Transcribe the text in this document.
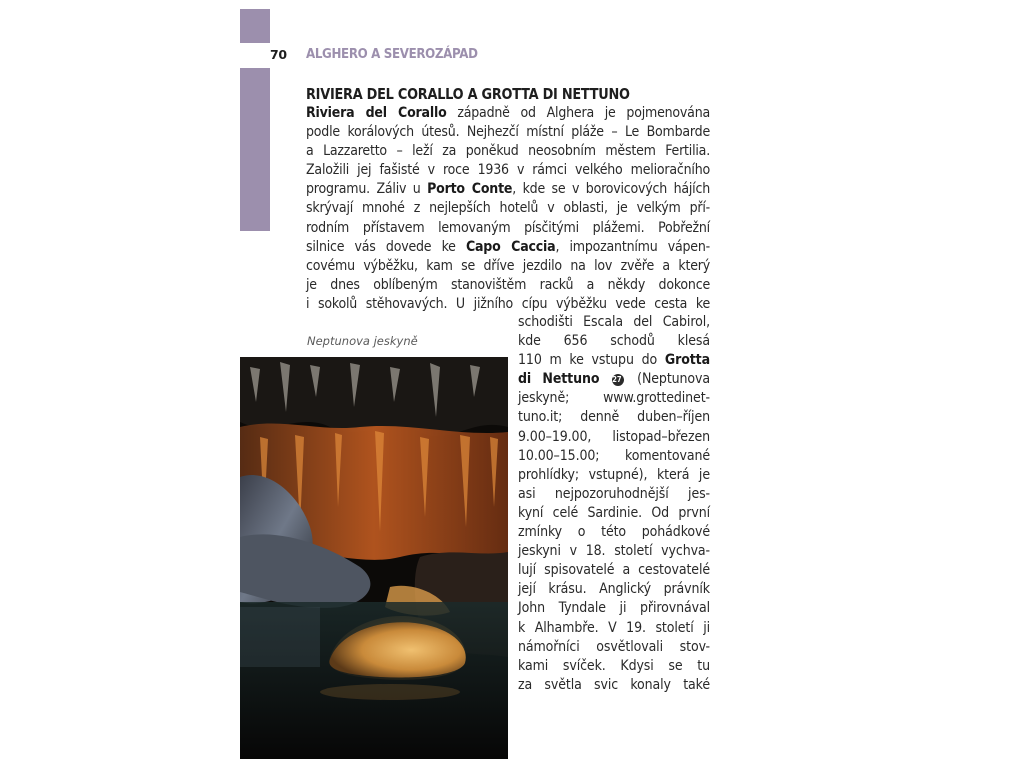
70 ALGHERO A SEVEROZÁPAD
RIVIERA DEL CORALLO A GROTTA DI NETTUNO
Riviera del Corallo západně od Alghera je pojmenována
podle korálových útesů. Nejhezčí místní pláže – Le Bombarde
a Lazzaretto – leží za poněkud neosobním městem Fertilia.
Založili jej fašisté v roce 1936 v rámci velkého melioračního
programu. Záliv u Porto Conte, kde se v borovicových hájích
skrývají mnohé z nejlepších hotelů v oblasti, je velkým pří-
rodním přístavem lemovaným písčitými plážemi. Pobřežní
silnice vás dovede ke Capo Caccia, impozantnímu vápen-
covému výběžku, kam se dříve jezdilo na lov zvěře a který
je dnes oblíbeným stanovištěm racků a někdy dokonce
i sokolů stěhovavých. U jižního cípu výběžku vede cesta ke
Neptunova jeskyně
schodišti Escala del Cabirol,
kde 656 schodů klesá
110 m ke vstupu do Grotta
di Nettuno 27 (Neptunova
jeskyně; www.grottedinet-
tuno.it; denně duben–říjen
9.00–19.00, listopad–březen
10.00–15.00; komentované
prohlídky; vstupné), která je
asi nejpozoruhodnější jes-
kyní celé Sardinie. Od první
zmínky o této pohádkové
jeskyni v 18. století vychva-
lují spisovatelé a cestovatelé
její krásu. Anglický právník
John Tyndale ji přirovnával
k Alhambře. V 19. století ji
námořníci osvětlovali stov-
kami svíček. Kdysi se tu
za světla svic konaly také
